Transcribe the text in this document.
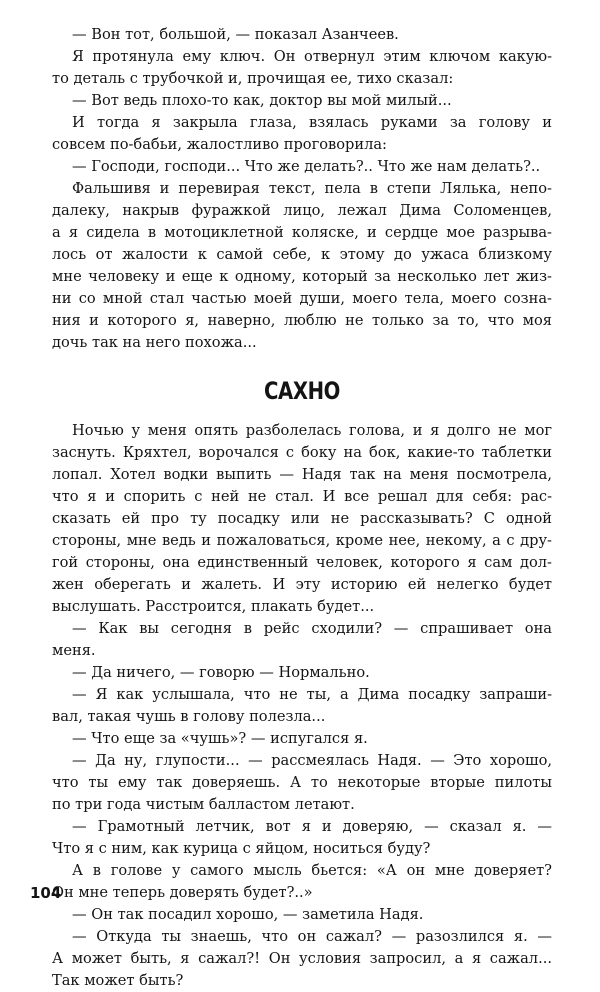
— Вон тот, большой, — показал Азанчеев.

Я протянула ему ключ. Он отвернул этим ключом какую-
то деталь с трубочкой и, прочищая ее, тихо сказал:

— Вот ведь плохо-то как, доктор вы мой милый...

И тогда я закрыла глаза, взялась руками за голову и
совсем по-бабьи, жалостливо проговорила:

— Господи, господи... Что же делать?.. Что же нам делать?..

Фальшивя и перевирая текст, пела в степи Лялька, непо-
далеку, накрыв фуражкой лицо, лежал Дима Соломенцев,
а я сидела в мотоциклетной коляске, и сердце мое разрыва-
лось от жалости к самой себе, к этому до ужаса близкому
мне человеку и еще к одному, который за несколько лет жиз-
ни со мной стал частью моей души, моего тела, моего созна-
ния и которого я, наверно, люблю не только за то, что моя
дочь так на него похожа...

САХНО

Ночью у меня опять разболелась голова, и я долго не мог
заснуть. Кряхтел, ворочался с боку на бок, какие-то таблетки
лопал. Хотел водки выпить — Надя так на меня посмотрела,
что я и спорить с ней не стал. И все решал для себя: рас-
сказать ей про ту посадку или не рассказывать? С одной
стороны, мне ведь и пожаловаться, кроме нее, некому, а с дру-
гой стороны, она единственный человек, которого я сам дол-
жен оберегать и жалеть. И эту историю ей нелегко будет
выслушать. Расстроится, плакать будет...

— Как вы сегодня в рейс сходили? — спрашивает она
меня.

— Да ничего, — говорю — Нормально.

— Я как услышала, что не ты, а Дима посадку запраши-
вал, такая чушь в голову полезла...

— Что еще за «чушь»? — испугался я.

— Да ну, глупости... — рассмеялась Надя. — Это хорошо,
что ты ему так доверяешь. А то некоторые вторые пилоты
по три года чистым балластом летают.

— Грамотный летчик, вот я и доверяю, — сказал я. —
Что я с ним, как курица с яйцом, носиться буду?

А в голове у самого мысль бьется: «А он мне доверяет?
Он мне теперь доверять будет?..»

— Он так посадил хорошо, — заметила Надя.

— Откуда ты знаешь, что он сажал? — разозлился я. —
А может быть, я сажал?! Он условия запросил, а я сажал...
Так может быть?

104
